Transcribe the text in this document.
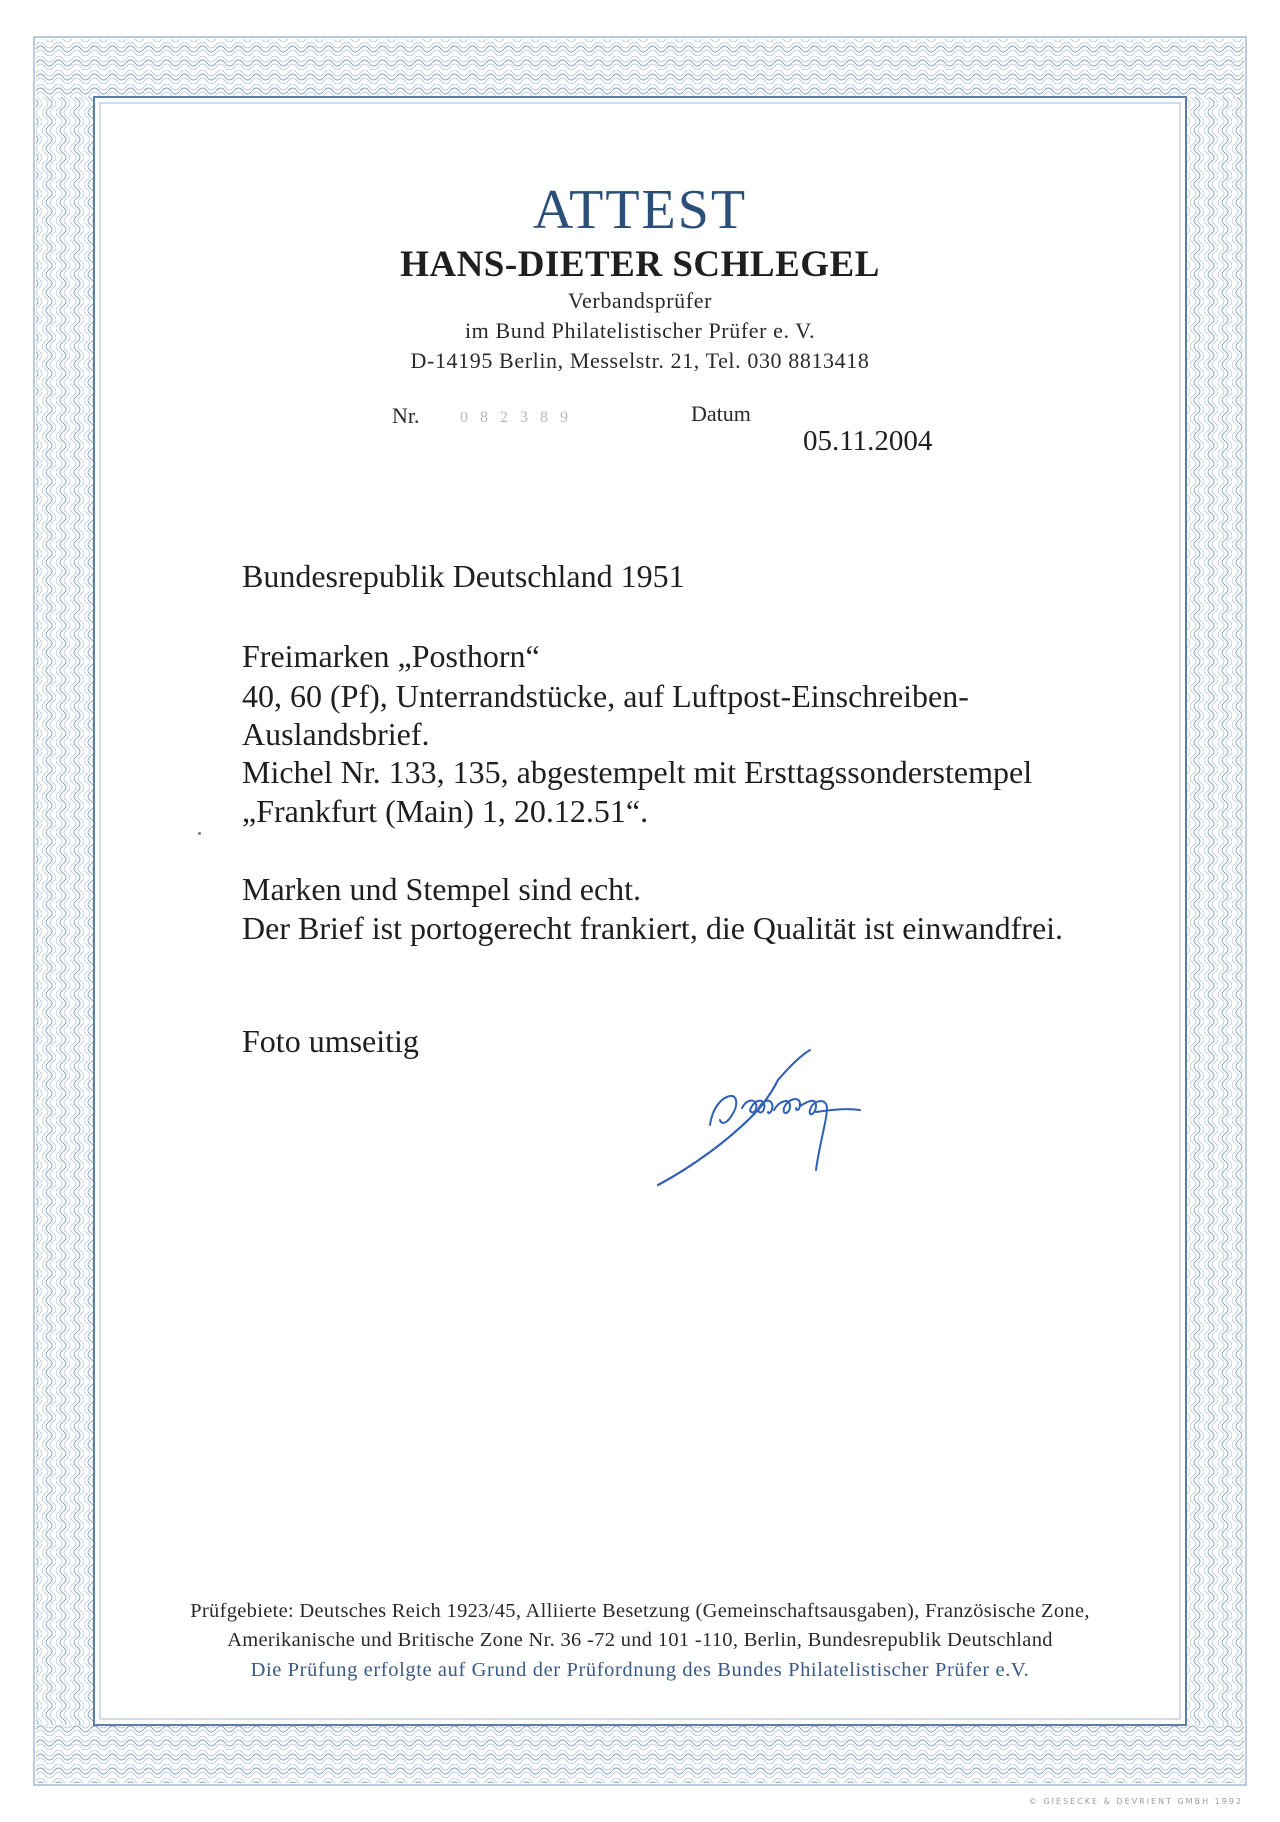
ATTEST
HANS-DIETER SCHLEGEL
Verbandsprüfer
im Bund Philatelistischer Prüfer e. V.
D-14195 Berlin, Messelstr. 21, Tel. 030 8813418
Nr.	0 8 2 3 8 9	Datum
05.11.2004
Bundesrepublik Deutschland 1951
Freimarken „Posthorn“
40, 60 (Pf), Unterrandstücke, auf Luftpost-Einschreiben-
Auslandsbrief.
Michel Nr. 133, 135, abgestempelt mit Ersttagssonderstempel
„Frankfurt (Main) 1, 20.12.51“.
Marken und Stempel sind echt.
Der Brief ist portogerecht frankiert, die Qualität ist einwandfrei.
Foto umseitig
Prüfgebiete: Deutsches Reich 1923/45, Alliierte Besetzung (Gemeinschaftsausgaben), Französische Zone,
Amerikanische und Britische Zone Nr. 36 -72 und 101 -110, Berlin, Bundesrepublik Deutschland
Die Prüfung erfolgte auf Grund der Prüfordnung des Bundes Philatelistischer Prüfer e.V.
© GIESECKE & DEVRIENT GMBH 1992
